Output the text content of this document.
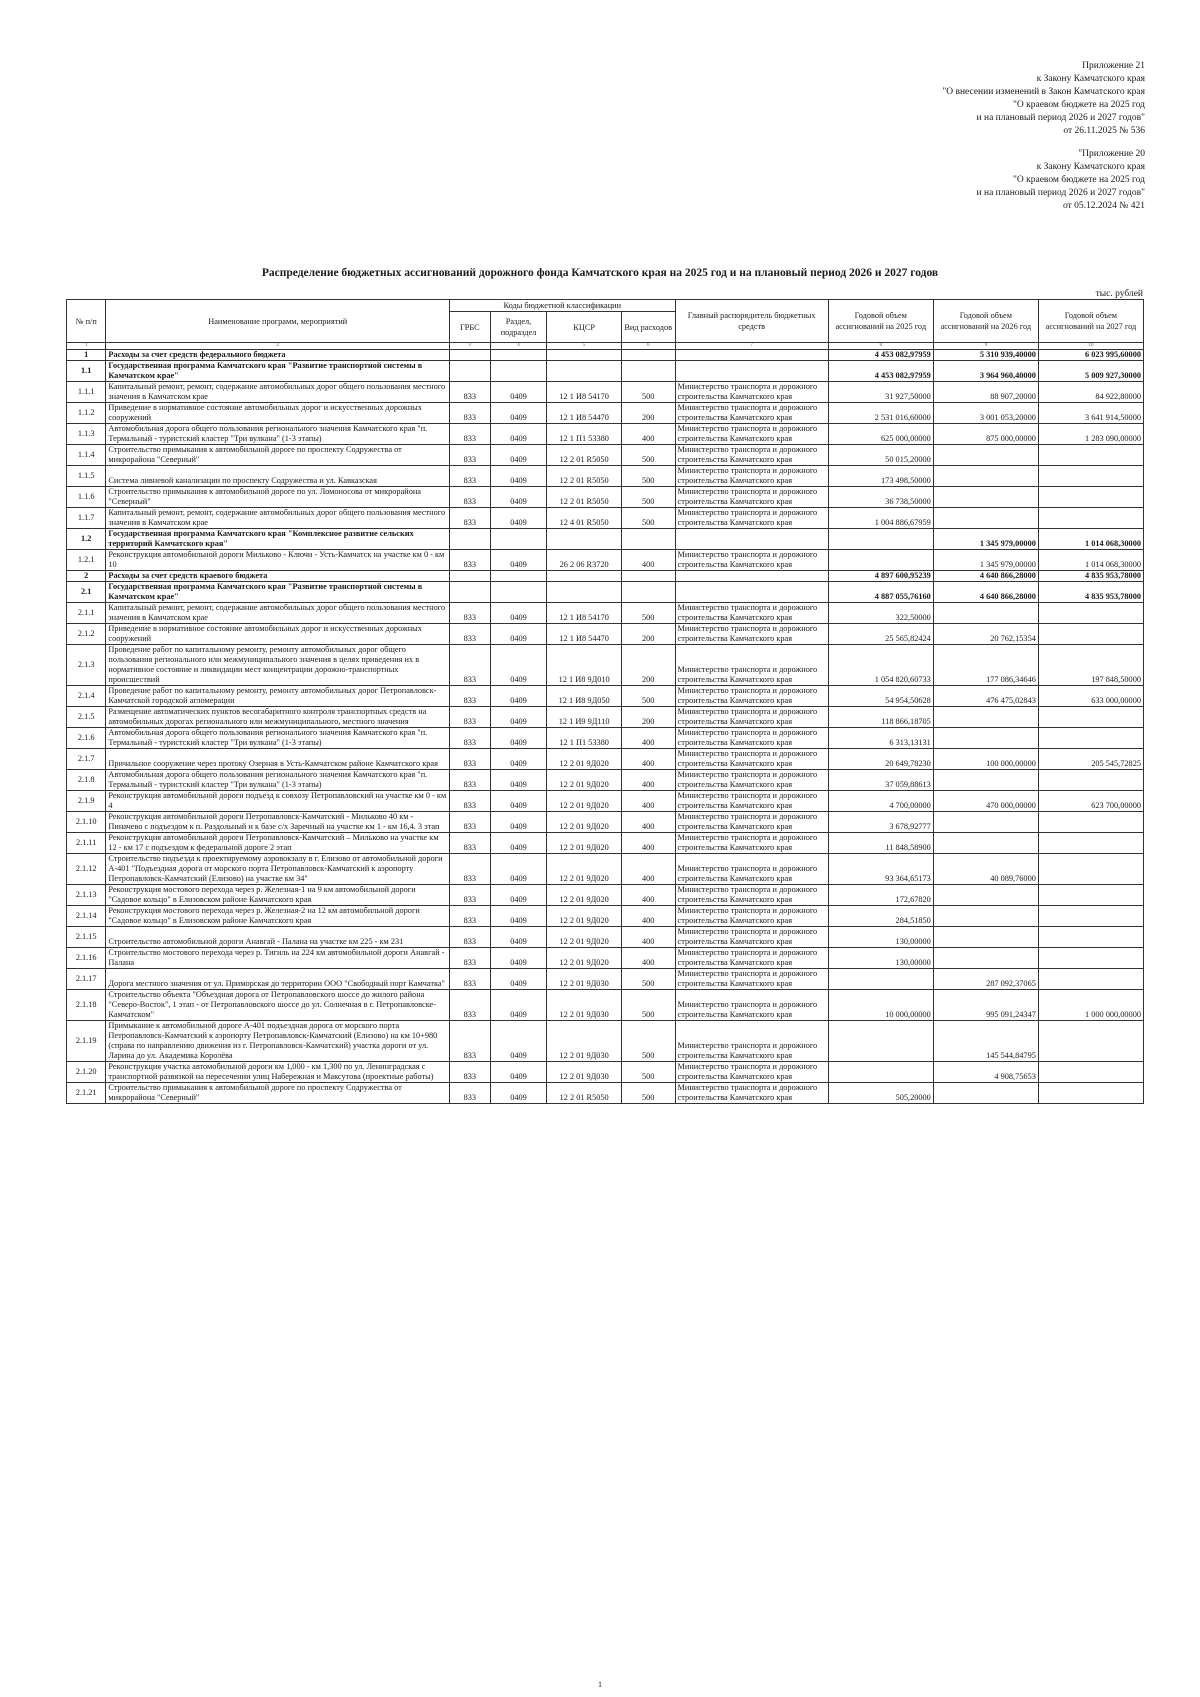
Приложение 21
к Закону Камчатского края
"О внесении изменений в Закон Камчатского края
"О краевом бюджете на 2025 год
и на плановый период 2026 и 2027 годов"
от 26.11.2025 № 536
"Приложение 20
к Закону Камчатского края
"О краевом бюджете на 2025 год
и на плановый период 2026 и 2027 годов"
от 05.12.2024 № 421
Распределение бюджетных ассигнований дорожного фонда Камчатского края на 2025 год и на плановый период 2026 и 2027 годов
тыс. рублей
№ п/п	Наименование программ, мероприятий	Коды бюджетной классификации				Главный распорядитель бюджетных средств	Годовой объем ассигнований на 2025 год	Годовой объем ассигнований на 2026 год	Годовой объем ассигнований на 2027 год
		ГРБС	Раздел, подраздел	КЦСР	Вид расходов				
1	2	3	4	5	6	7	8	9	10
1	Расходы за счет средств федерального бюджета						4 453 082,97959	5 310 939,40000	6 023 995,60000
1.1	Государственная программа Камчатского края "Развитие транспортной системы в Камчатском крае"						4 453 082,97959	3 964 960,40000	5 009 927,30000
1.1.1	Капитальный ремонт, ремонт, содержание автомобильных дорог общего пользования местного значения в Камчатском крае	833	0409	12 1 И8 54170	500	Министерство транспорта и дорожного строительства Камчатского края	31 927,50000	88 907,20000	84 922,80000
1.1.2	Приведение в нормативное состояние автомобильных дорог и искусственных дорожных сооружений	833	0409	12 1 И8 54470	200	Министерство транспорта и дорожного строительства Камчатского края	2 531 016,60000	3 001 053,20000	3 641 914,50000
1.1.3	Автомобильная дорога общего пользования регионального значения Камчатского края "п. Термальный - туристский кластер "Три вулкана" (1-3 этапы)	833	0409	12 1 П1 53380	400	Министерство транспорта и дорожного строительства Камчатского края	625 000,00000	875 000,00000	1 283 090,00000
1.1.4	Строительство примыкания к автомобильной дороге по проспекту Содружества от микрорайона "Северный"	833	0409	12 2 01 R5050	500	Министерство транспорта и дорожного строительства Камчатского края	50 015,20000		
1.1.5	Система ливневой канализации по проспекту Содружества и ул. Кавказская	833	0409	12 2 01 R5050	500	Министерство транспорта и дорожного строительства Камчатского края	173 498,50000		
1.1.6	Строительство примыкания к автомобильной дороге по ул. Ломоносова от микрорайона "Северный"	833	0409	12 2 01 R5050	500	Министерство транспорта и дорожного строительства Камчатского края	36 738,50000		
1.1.7	Капитальный ремонт, ремонт, содержание автомобильных дорог общего пользования местного значения в Камчатском крае	833	0409	12 4 01 R5050	500	Министерство транспорта и дорожного строительства Камчатского края	1 004 886,67959		
1.2	Государственная программа Камчатского края "Комплексное развитие сельских территорий Камчатского края"							1 345 979,00000	1 014 068,30000
1.2.1	Реконструкция автомобильной дороги Мильково - Ключи - Усть-Камчатск на участке км 0 - км 10	833	0409	26 2 06 R3720	400	Министерство транспорта и дорожного строительства Камчатского края		1 345 979,00000	1 014 068,30000
2	Расходы за счет средств краевого бюджета						4 897 600,95239	4 640 866,28000	4 835 953,78000
2.1	Государственная программа Камчатского края "Развитие транспортной системы в Камчатском крае"						4 887 055,76160	4 640 866,28000	4 835 953,78000
2.1.1	Капитальный ремонт, ремонт, содержание автомобильных дорог общего пользования местного значения в Камчатском крае	833	0409	12 1 И8 54170	500	Министерство транспорта и дорожного строительства Камчатского края	322,50000		
2.1.2	Приведение в нормативное состояние автомобильных дорог и искусственных дорожных сооружений	833	0409	12 1 И8 54470	200	Министерство транспорта и дорожного строительства Камчатского края	25 565,82424	20 762,15354	
2.1.3	Проведение работ по капитальному ремонту, ремонту автомобильных дорог общего пользования регионального или межмуниципального значения в целях приведения их в нормативное состояние и ликвидации мест концентрации дорожно-транспортных происшествий	833	0409	12 1 И8 9Д010	200	Министерство транспорта и дорожного строительства Камчатского края	1 054 820,60733	177 086,34646	197 848,50000
2.1.4	Проведение работ по капитальному ремонту, ремонту автомобильных дорог Петропавловск-Камчатской городской агломерации	833	0409	12 1 И8 9Д050	500	Министерство транспорта и дорожного строительства Камчатского края	54 954,50628	476 475,02843	633 000,00000
2.1.5	Размещение автоматических пунктов весогабаритного контроля транспортных средств на автомобильных дорогах регионального или межмуниципального, местного значения	833	0409	12 1 И9 9Д110	200	Министерство транспорта и дорожного строительства Камчатского края	118 866,18705		
2.1.6	Автомобильная дорога общего пользования регионального значения Камчатского края "п. Термальный - туристский кластер "Три вулкана" (1-3 этапы)	833	0409	12 1 П1 53380	400	Министерство транспорта и дорожного строительства Камчатского края	6 313,13131		
2.1.7	Причальное сооружение через протоку Озерная в Усть-Камчатском районе Камчатского края	833	0409	12 2 01 9Д020	400	Министерство транспорта и дорожного строительства Камчатского края	20 649,78230	100 000,00000	205 545,72825
2.1.8	Автомобильная дорога общего пользования регионального значения Камчатского края "п. Термальный - туристский кластер "Три вулкана" (1-3 этапы)	833	0409	12 2 01 9Д020	400	Министерство транспорта и дорожного строительства Камчатского края	37 059,88613		
2.1.9	Реконструкция автомобильной дороги подъезд к совхозу Петропавловский на участке км 0 - км 4	833	0409	12 2 01 9Д020	400	Министерство транспорта и дорожного строительства Камчатского края	4 700,00000	470 000,00000	623 700,00000
2.1.10	Реконструкция автомобильной дороги Петропавловск-Камчатский - Мильково 40 км - Пиначево с подъездом к п. Раздольный и к базе с/х Заречный на участке км 1 - км 16,4. 3 этап	833	0409	12 2 01 9Д020	400	Министерство транспорта и дорожного строительства Камчатского края	3 678,92777		
2.1.11	Реконструкция автомобильной дороги Петропавловск-Камчатский – Мильково на участке км 12 - км 17 с подъездом к федеральной дороге 2 этап	833	0409	12 2 01 9Д020	400	Министерство транспорта и дорожного строительства Камчатского края	11 848,58900		
2.1.12	Строительство подъезда к проектируемому аэровокзалу в г. Елизово от автомобильной дороги А-401 "Подъездная дорога от морского порта Петропавловск-Камчатский к аэропорту Петропавловск-Камчатский (Елизово) на участке км 34"	833	0409	12 2 01 9Д020	400	Министерство транспорта и дорожного строительства Камчатского края	93 364,65173	40 089,76000	
2.1.13	Реконструкция мостового перехода через р. Железная-1 на 9 км автомобильной дороги "Садовое кольцо" в Елизовском районе Камчатского края	833	0409	12 2 01 9Д020	400	Министерство транспорта и дорожного строительства Камчатского края	172,67820		
2.1.14	Реконструкция мостового перехода через р. Железная-2 на 12 км автомобильной дороги "Садовое кольцо" в Елизовском районе Камчатского края	833	0409	12 2 01 9Д020	400	Министерство транспорта и дорожного строительства Камчатского края	284,51850		
2.1.15	Строительство автомобильной дороги Анавгай - Палана на участке км 225 - км 231	833	0409	12 2 01 9Д020	400	Министерство транспорта и дорожного строительства Камчатского края	130,00000		
2.1.16	Строительство мостового перехода через р. Тигиль на 224 км автомобильной дороги Анавгай - Палана	833	0409	12 2 01 9Д020	400	Министерство транспорта и дорожного строительства Камчатского края	130,00000		
2.1.17	Дорога местного значения от ул. Приморская до территории ООО "Свободный порт Камчатка"	833	0409	12 2 01 9Д030	500	Министерство транспорта и дорожного строительства Камчатского края		287 092,37065	
2.1.18	Строительство объекта "Объездная дорога от Петропавловского шоссе до жилого района "Северо-Восток", 1 этап - от Петропавловского шоссе до ул. Солнечная в г. Петропавловске-Камчатском"	833	0409	12 2 01 9Д030	500	Министерство транспорта и дорожного строительства Камчатского края	10 000,00000	995 091,24347	1 000 000,00000
2.1.19	Примыкание к автомобильной дороге А-401 подъездная дорога от морского порта Петропавловск-Камчатский к аэропорту Петропавловск-Камчатский (Елизово) на км 10+980 (справа по направлению движения из г. Петропавловск-Камчатский) участка дороги от ул. Ларина до ул. Академика Королёва	833	0409	12 2 01 9Д030	500	Министерство транспорта и дорожного строительства Камчатского края		145 544,84795	
2.1.20	Реконструкция участка автомобильной дороги км 1,000 - км 1,300 по ул. Ленинградская с транспортной развязкой на пересечении улиц Набережная и Максутова (проектные работы)	833	0409	12 2 01 9Д030	500	Министерство транспорта и дорожного строительства Камчатского края		4 908,75653	
2.1.21	Строительство примыкания к автомобильной дороге по проспекту Содружества от микрорайона "Северный"	833	0409	12 2 01 R5050	500	Министерство транспорта и дорожного строительства Камчатского края	505,20000		
1
